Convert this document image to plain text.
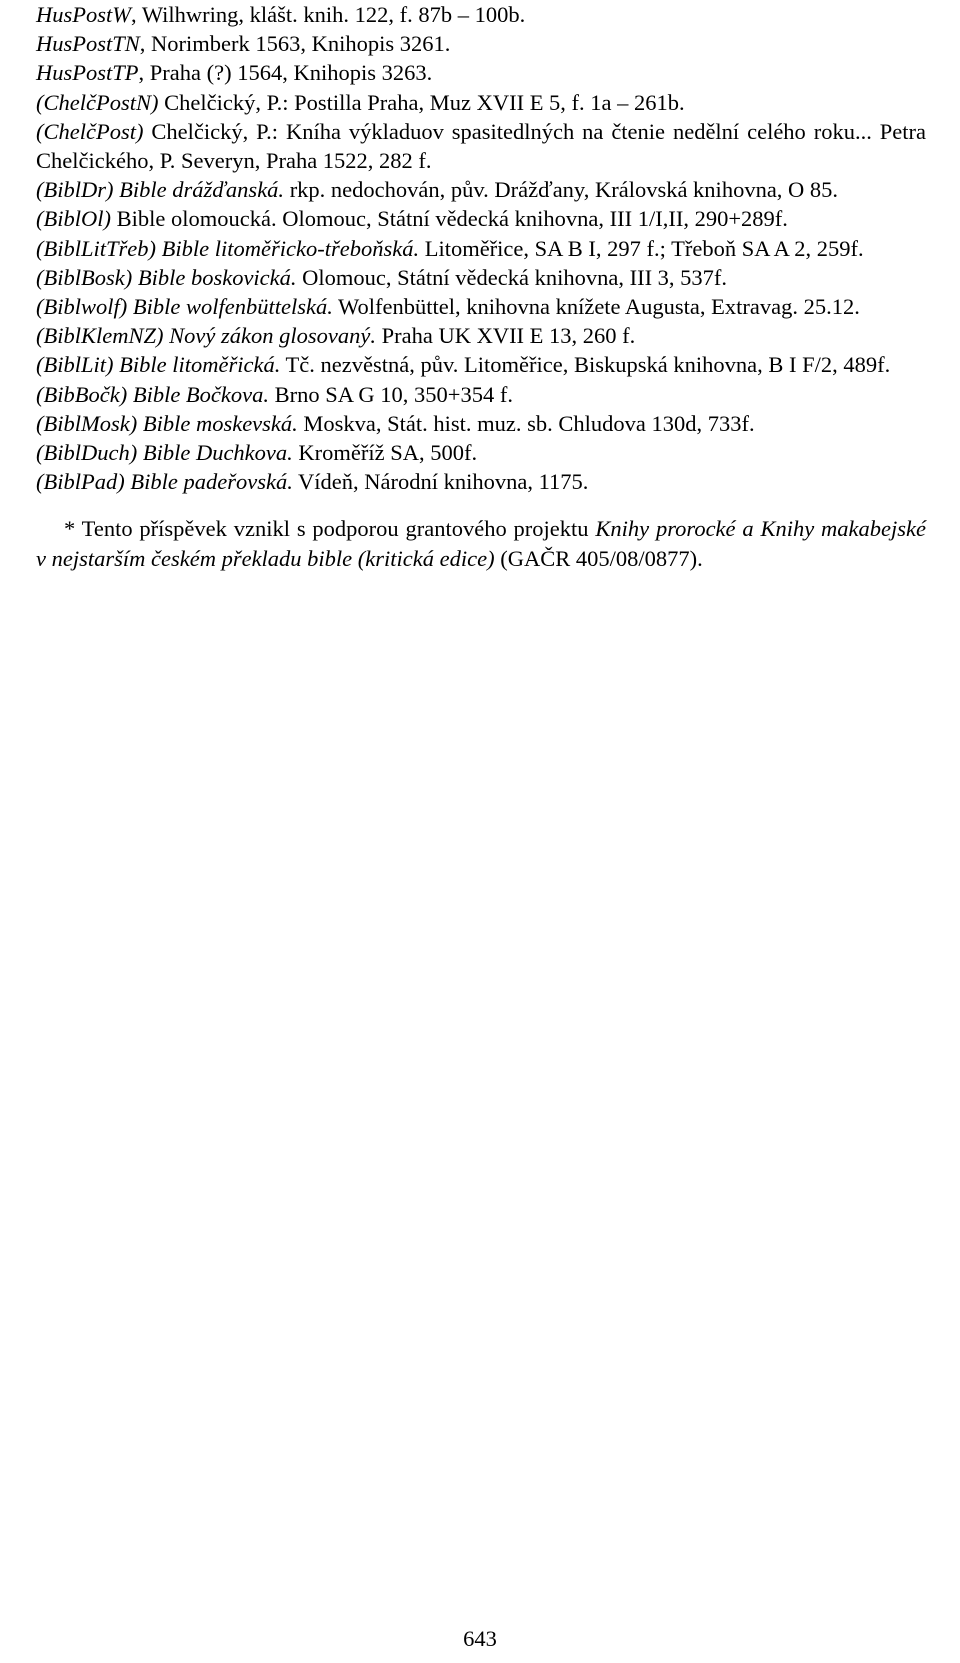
HusPostW, Wilhwring, klášt. knih. 122, f. 87b – 100b.

HusPostTN, Norimberk 1563, Knihopis 3261.

HusPostTP, Praha (?) 1564, Knihopis 3263.

(ChelčPostN) Chelčický, P.: Postilla Praha, Muz XVII E 5, f. 1a – 261b.

(ChelčPost) Chelčický, P.: Kníha výkladuov spasitedlných na čtenie nedělní celého roku... Petra Chelčického, P. Severyn, Praha 1522, 282 f.

(BiblDr) Bible drážďanská. rkp. nedochován, pův. Drážďany, Královská knihovna, O 85.

(BiblOl) Bible olomoucká. Olomouc, Státní vědecká knihovna, III 1/I,II, 290+289f.

(BiblLitTřeb) Bible litoměřicko-třeboňská. Litoměřice, SA B I, 297 f.; Třeboň SA A 2, 259f.

(BiblBosk) Bible boskovická. Olomouc, Státní vědecká knihovna, III 3, 537f.

(Biblwolf) Bible wolfenbüttelská. Wolfenbüttel, knihovna knížete Augusta, Extravag. 25.12.

(BiblKlemNZ) Nový zákon glosovaný. Praha UK XVII E 13, 260 f.

(BiblLit) Bible litoměřická. Tč. nezvěstná, pův. Litoměřice, Biskupská knihovna, B I F/2, 489f.

(BibBočk) Bible Bočkova. Brno SA G 10, 350+354 f.

(BiblMosk) Bible moskevská. Moskva, Stát. hist. muz. sb. Chludova 130d, 733f.

(BiblDuch) Bible Duchkova. Kroměříž SA, 500f.

(BiblPad) Bible padeřovská. Vídeň, Národní knihovna, 1175.

* Tento příspěvek vznikl s podporou grantového projektu Knihy prorocké a Knihy makabejské v nejstarším českém překladu bible (kritická edice) (GAČR 405/08/0877).

643
